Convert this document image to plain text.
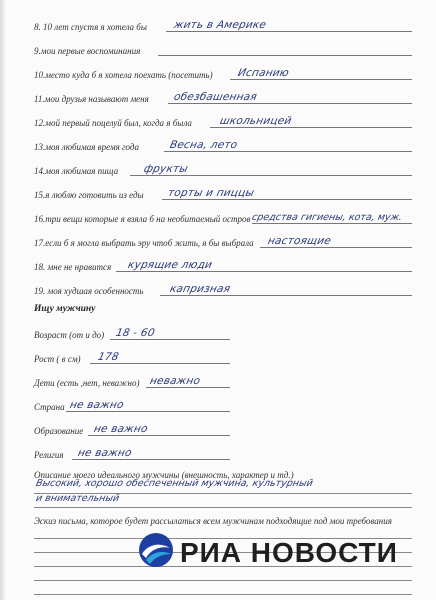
8. 10 лет спустя я хотела бы жить в Америке
9.мои первые воспоминания
10.место куда б я хотела поехать (посетить) Испанию
11.мои друзья называют меня обезбашенная
12.мой первый поцелуй был, когда я была	школьницей
13.моя любимая время года	Весна, лето
14.моя любимая пища фрукты
15.я люблю готовить из еды торты и пиццы
16.три вещи которые я взяла б на необитаемый остров средства гигиены, кота, муж.
17.если б я могла выбрать эру чтоб жить, я бы выбрала настоящие
18. мне не нравится курящие люди
19. моя худшая особенность капризная
Ищу мужчину
Возраст (от и до) 18 - 60
Рост ( в см) 178
Дети (есть ,нет, неважно) неважно
Страна не важно
Образование не важно
Религия не важно
Описание моего идеального мужчины (внешность, характер и тд.)
Высокий, хорошо обеспеченный мужчина, культурный
и внимательный
Эскиз письма, которое будет рассылаться всем мужчинам подходящие под мои требования
РИА НОВОСТИ
